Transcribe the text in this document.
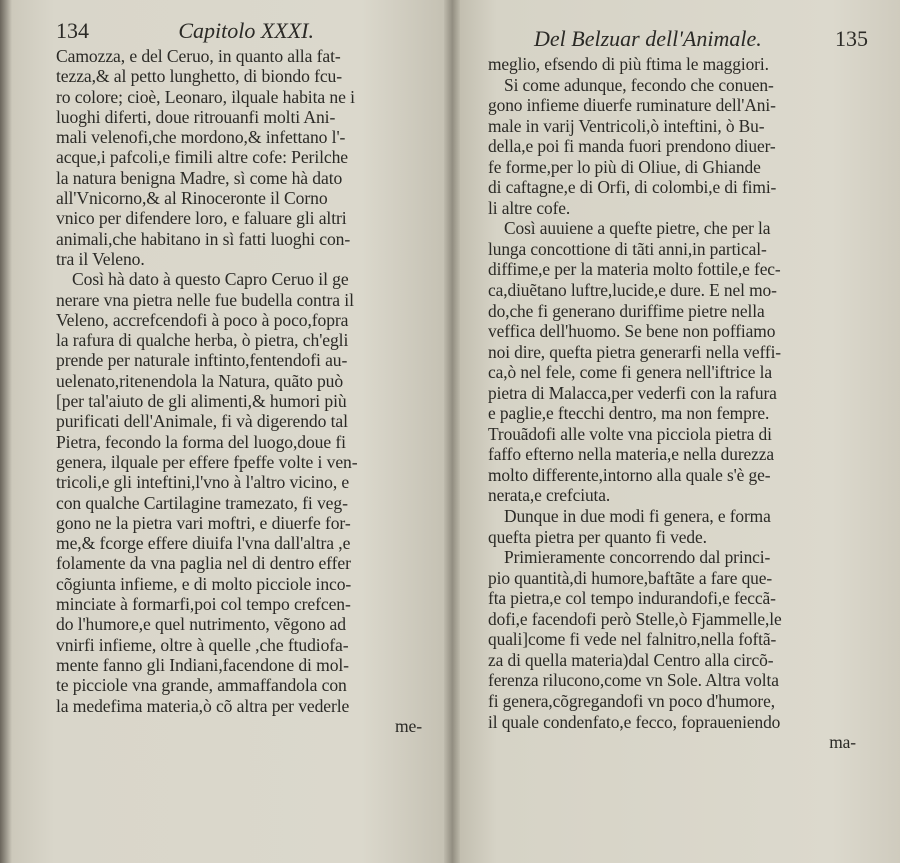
134	Capitolo XXXI.
Camozza, e del Ceruo, in quanto alla fat-
tezza,& al petto lunghetto, di biondo fcu-
ro colore; cioè, Leonaro, ilquale habita ne i
luoghi diferti, doue ritrouanfi molti Ani-
mali velenofi,che mordono,& infettano l'-
acque,i pafcoli,e fimili altre cofe: Perilche
la natura benigna Madre, sì come hà dato
all'Vnicorno,& al Rinoceronte il Corno
vnico per difendere loro, e faluare gli altri
animali,che habitano in sì fatti luoghi con-
tra il Veleno.
Così hà dato à questo Capro Ceruo il ge
nerare vna pietra nelle fue budella contra il
Veleno, accrefcendofi à poco à poco,fopra
la rafura di qualche herba, ò pietra, ch'egli
prende per naturale inftinto,fentendofi au-
uelenato,ritenendola la Natura, quãto può
[per tal'aiuto de gli alimenti,& humori più
purificati dell'Animale, fi và digerendo tal
Pietra, fecondo la forma del luogo,doue fi
genera, ilquale per effere fpeffe volte i ven-
tricoli,e gli inteftini,l'vno à l'altro vicino, e
con qualche Cartilagine tramezato, fi veg-
gono ne la pietra vari moftri, e diuerfe for-
me,& fcorge effere diuifa l'vna dall'altra ,e
folamente da vna paglia nel di dentro effer
cõgiunta infieme, e di molto picciole inco-
minciate à formarfi,poi col tempo crefcen-
do l'humore,e quel nutrimento, vẽgono ad
vnirfi infieme, oltre à quelle ,che ftudiofa-
mente fanno gli Indiani,facendone di mol-
te picciole vna grande, ammaffandola con
la medefima materia,ò cõ altra per vederle
me-
Del Belzuar dell'Animale.	135
meglio, efsendo di più ftima le maggiori.
Si come adunque, fecondo che conuen-
gono infieme diuerfe ruminature dell'Ani-
male in varij Ventricoli,ò inteftini, ò Bu-
della,e poi fi manda fuori prendono diuer-
fe forme,per lo più di Oliue, di Ghiande
di caftagne,e di Orfi, di colombi,e di fimi-
li altre cofe.
Così auuiene a quefte pietre, che per la
lunga concottione di tãti anni,in partical-
diffime,e per la materia molto fottile,e fec-
ca,diuẽtano luftre,lucide,e dure. E nel mo-
do,che fi generano duriffime pietre nella
veffica dell'huomo. Se bene non poffiamo
noi dire, quefta pietra generarfi nella veffi-
ca,ò nel fele, come fi genera nell'iftrice la
pietra di Malacca,per vederfi con la rafura
e paglie,e ftecchi dentro, ma non fempre.
Trouãdofi alle volte vna picciola pietra di
faffo efterno nella materia,e nella durezza
molto differente,intorno alla quale s'è ge-
nerata,e crefciuta.
Dunque in due modi fi genera, e forma
quefta pietra per quanto fi vede.
Primieramente concorrendo dal princi-
pio quantità,di humore,baftãte a fare que-
fta pietra,e col tempo indurandofi,e feccã-
dofi,e facendofi però Stelle,ò Fjammelle,le
quali]come fi vede nel falnitro,nella foftã-
za di quella materia)dal Centro alla circõ-
ferenza rilucono,come vn Sole. Altra volta
fi genera,cõgregandofi vn poco d'humore,
il quale condenfato,e fecco, fopraueniendo
ma-
